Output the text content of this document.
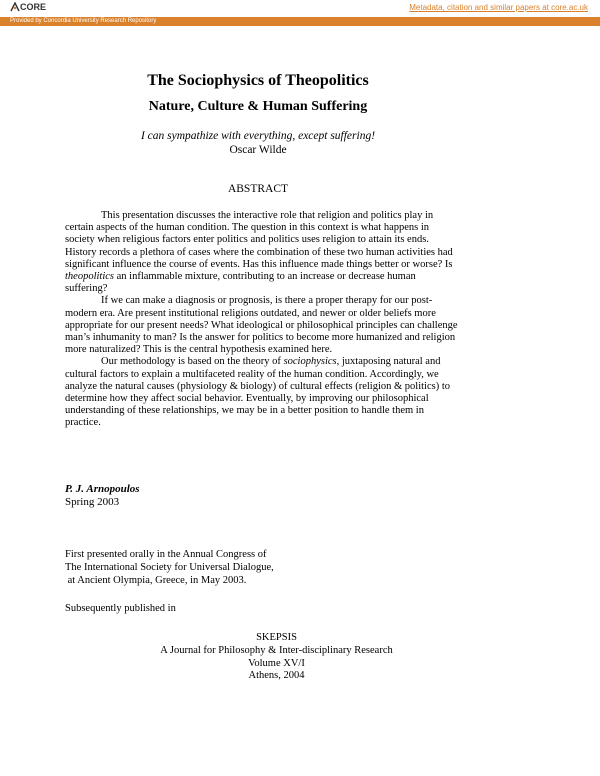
CORE	Metadata, citation and similar papers at core.ac.uk
Provided by Concordia University Research Repository
The Sociophysics of Theopolitics
Nature, Culture & Human Suffering
I can sympathize with everything, except suffering!
Oscar Wilde
ABSTRACT

This presentation discusses the interactive role that religion and politics play in certain aspects of the human condition. The question in this context is what happens in society when religious factors enter politics and politics uses religion to attain its ends. History records a plethora of cases where the combination of these two human activities had significant influence the course of events. Has this influence made things better or worse? Is theopolitics an inflammable mixture, contributing to an increase or decrease human suffering?

If we can make a diagnosis or prognosis, is there a proper therapy for our post-modern era. Are present institutional religions outdated, and newer or older beliefs more appropriate for our present needs? What ideological or philosophical principles can challenge man’s inhumanity to man? Is the answer for politics to become more humanized and religion more naturalized? This is the central hypothesis examined here.

Our methodology is based on the theory of sociophysics, juxtaposing natural and cultural factors to explain a multifaceted reality of the human condition. Accordingly, we analyze the natural causes (physiology & biology) of cultural effects (religion & politics) to determine how they affect social behavior. Eventually, by improving our philosophical understanding of these relationships, we may be in a better position to handle them in practice.

P. J. Arnopoulos
Spring 2003
First presented orally in the Annual Congress of
The International Society for Universal Dialogue,
at Ancient Olympia, Greece, in May 2003.
Subsequently published in
SKEPSIS
A Journal for Philosophy & Inter-disciplinary Research
Volume XV/I
Athens, 2004
